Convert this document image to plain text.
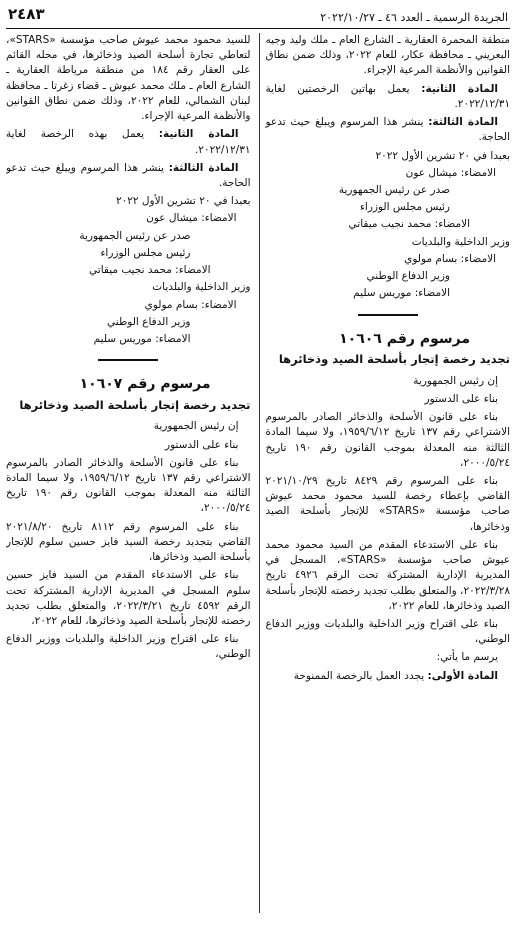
الجريدة الرسمية ـ العدد ٤٦ ـ ٢٠٢٢/١٠/٢٧
٢٤٨٣

منطقة المحمرة العقارية ـ الشارع العام ـ ملك وليد وجيه البعريني ـ محافظة عكار، للعام ٢٠٢٢، وذلك ضمن نطاق القوانين والأنظمة المرعية الإجراء.

المادة الثانية: يعمل بهاتين الرخصتين لغاية ٢٠٢٢/١٢/٣١.

المادة الثالثة: ينشر هذا المرسوم ويبلغ حيث تدعو الحاجة.

بعبدا في ٢٠ تشرين الأول ٢٠٢٢

الامضاء: ميشال عون

صدر عن رئيس الجمهورية

رئيس مجلس الوزراء

الامضاء: محمد نجيب ميقاتي

وزير الداخلية والبلديات

الامضاء: بسام مولوي

وزير الدفاع الوطني

الامضاء: موريس سليم

مرسوم رقم ١٠٦٠٦
تجديد رخصة إتجار بأسلحة الصيد وذخائرها

إن رئيس الجمهورية

بناء على الدستور

بناء على قانون الأسلحة والذخائر الصادر بالمرسوم الاشتراعي رقم ١٣٧ تاريخ ١٩٥٩/٦/١٢، ولا سيما المادة الثالثة منه المعدلة بموجب القانون رقم ١٩٠ تاريخ ٢٠٠٠/٥/٢٤،

بناء على المرسوم رقم ٨٤٢٩ تاريخ ٢٠٢١/١٠/٢٩ القاضي بإعطاء رخصة للسيد محمود محمد عيوش صاحب مؤسسة «STARS» للإتجار بأسلحة الصيد وذخائرها،

بناء على الاستدعاء المقدم من السيد محمود محمد عيوش صاحب مؤسسة «STARS»، المسجل في المديرية الإدارية المشتركة تحت الرقم ٤٩٢٦ تاريخ ٢٠٢٢/٣/٢٨، والمتعلق بطلب تجديد رخصته للإتجار بأسلحة الصيد وذخائرها، للعام ٢٠٢٢،

بناء على اقتراح وزير الداخلية والبلديات ووزير الدفاع الوطني،

يرسم ما يأتي:

المادة الأولى: يجدد العمل بالرخصة الممنوحة

للسيد محمود محمد عيوش صاحب مؤسسة «STARS»، لتعاطي تجارة أسلحة الصيد وذخائرها، في محله القائم على العقار رقم ١٨٤ من منطقة مرياطة العقارية ـ الشارع العام ـ ملك محمد عيوش ـ قضاء زغرتا ـ محافظة لبنان الشمالي، للعام ٢٠٢٢، وذلك ضمن نطاق القوانين والأنظمة المرعية الإجراء.

المادة الثانية: يعمل بهذه الرخصة لغاية ٢٠٢٢/١٢/٣١.

المادة الثالثة: ينشر هذا المرسوم ويبلغ حيث تدعو الحاجة.

بعبدا في ٢٠ تشرين الأول ٢٠٢٢

الامضاء: ميشال عون

صدر عن رئيس الجمهورية

رئيس مجلس الوزراء

الامضاء: محمد نجيب ميقاتي

وزير الداخلية والبلديات

الامضاء: بسام مولوي

وزير الدفاع الوطني

الامضاء: موريس سليم

مرسوم رقم ١٠٦٠٧
تجديد رخصة إتجار بأسلحة الصيد وذخائرها

إن رئيس الجمهورية

بناء على الدستور

بناء على قانون الأسلحة والذخائر الصادر بالمرسوم الاشتراعي رقم ١٣٧ تاريخ ١٩٥٩/٦/١٢، ولا سيما المادة الثالثة منه المعدلة بموجب القانون رقم ١٩٠ تاريخ ٢٠٠٠/٥/٢٤،

بناء على المرسوم رقم ٨١١٢ تاريخ ٢٠٢١/٨/٢٠ القاضي بتجديد رخصة السيد فايز حسين سلوم للإتجار بأسلحة الصيد وذخائرها،

بناء على الاستدعاء المقدم من السيد فايز حسين سلوم المسجل في المديرية الإدارية المشتركة تحت الرقم ٤٥٩٢ تاريخ ٢٠٢٢/٣/٢١، والمتعلق بطلب تجديد رخصته للإتجار بأسلحة الصيد وذخائرها، للعام ٢٠٢٢،

بناء على اقتراح وزير الداخلية والبلديات ووزير الدفاع الوطني،
